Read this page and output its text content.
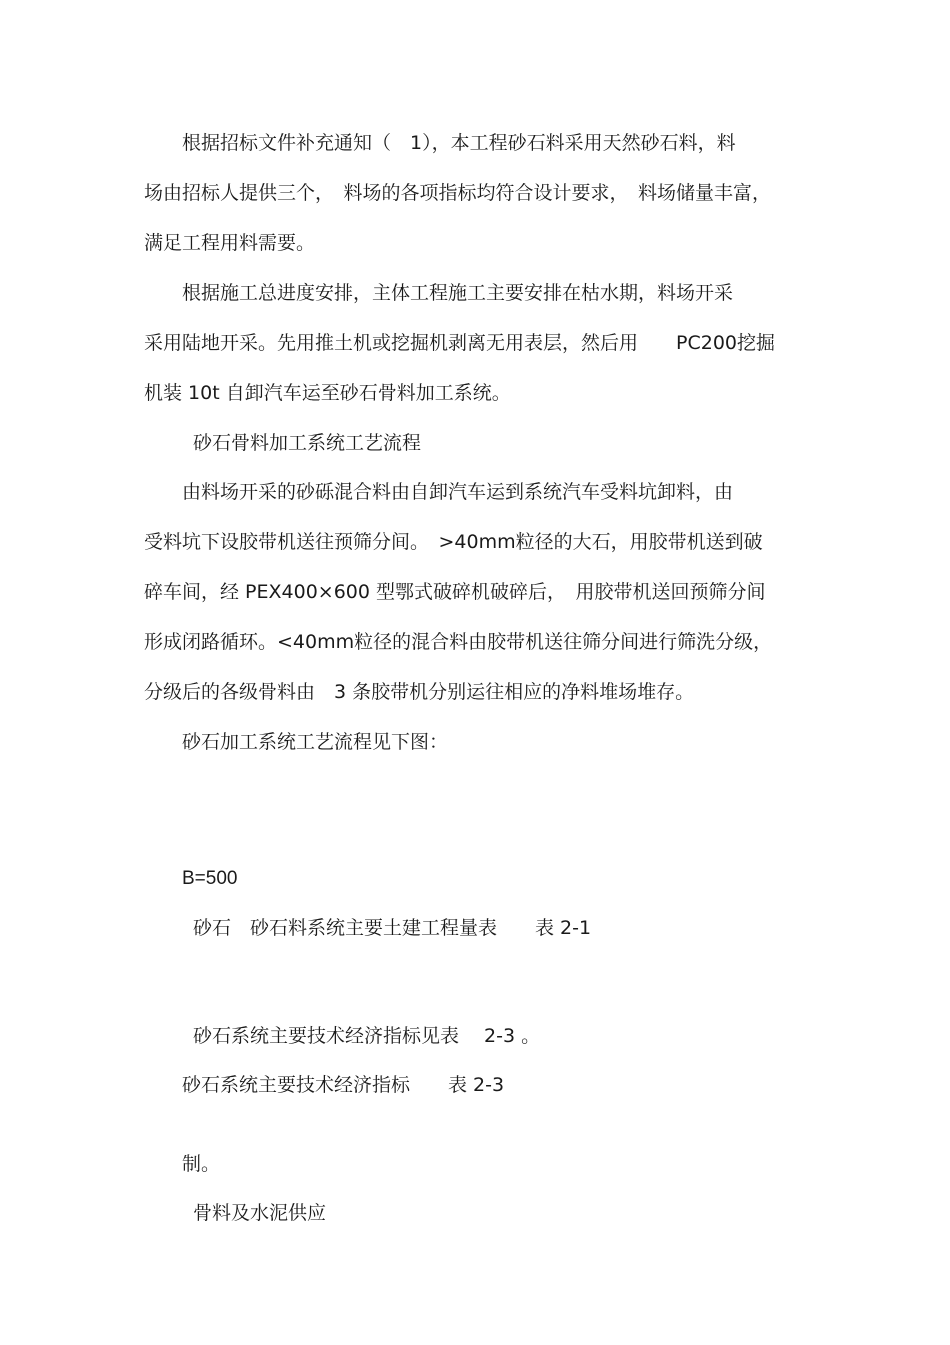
根据招标文件补充通知（　1），本工程砂石料采用天然砂石料，料

场由招标人提供三个，　料场的各项指标均符合设计要求，　料场储量丰富，

满足工程用料需要。

根据施工总进度安排，主体工程施工主要安排在枯水期，料场开采

采用陆地开采。先用推土机或挖掘机剥离无用表层，然后用　　PC200挖掘

机装 10t 自卸汽车运至砂石骨料加工系统。

砂石骨料加工系统工艺流程

由料场开采的砂砾混合料由自卸汽车运到系统汽车受料坑卸料，由

受料坑下设胶带机送往预筛分间。　>40mm粒径的大石，用胶带机送到破

碎车间，经 PEX400×600 型鄂式破碎机破碎后，　用胶带机送回预筛分间

形成闭路循环。<40mm粒径的混合料由胶带机送往筛分间进行筛洗分级，

分级后的各级骨料由　3 条胶带机分别运往相应的净料堆场堆存。

砂石加工系统工艺流程见下图：

B=500

砂石　砂石料系统主要土建工程量表　　表 2-1

砂石系统主要技术经济指标见表　 2-3 。

砂石系统主要技术经济指标　　表 2-3

制。

骨料及水泥供应
